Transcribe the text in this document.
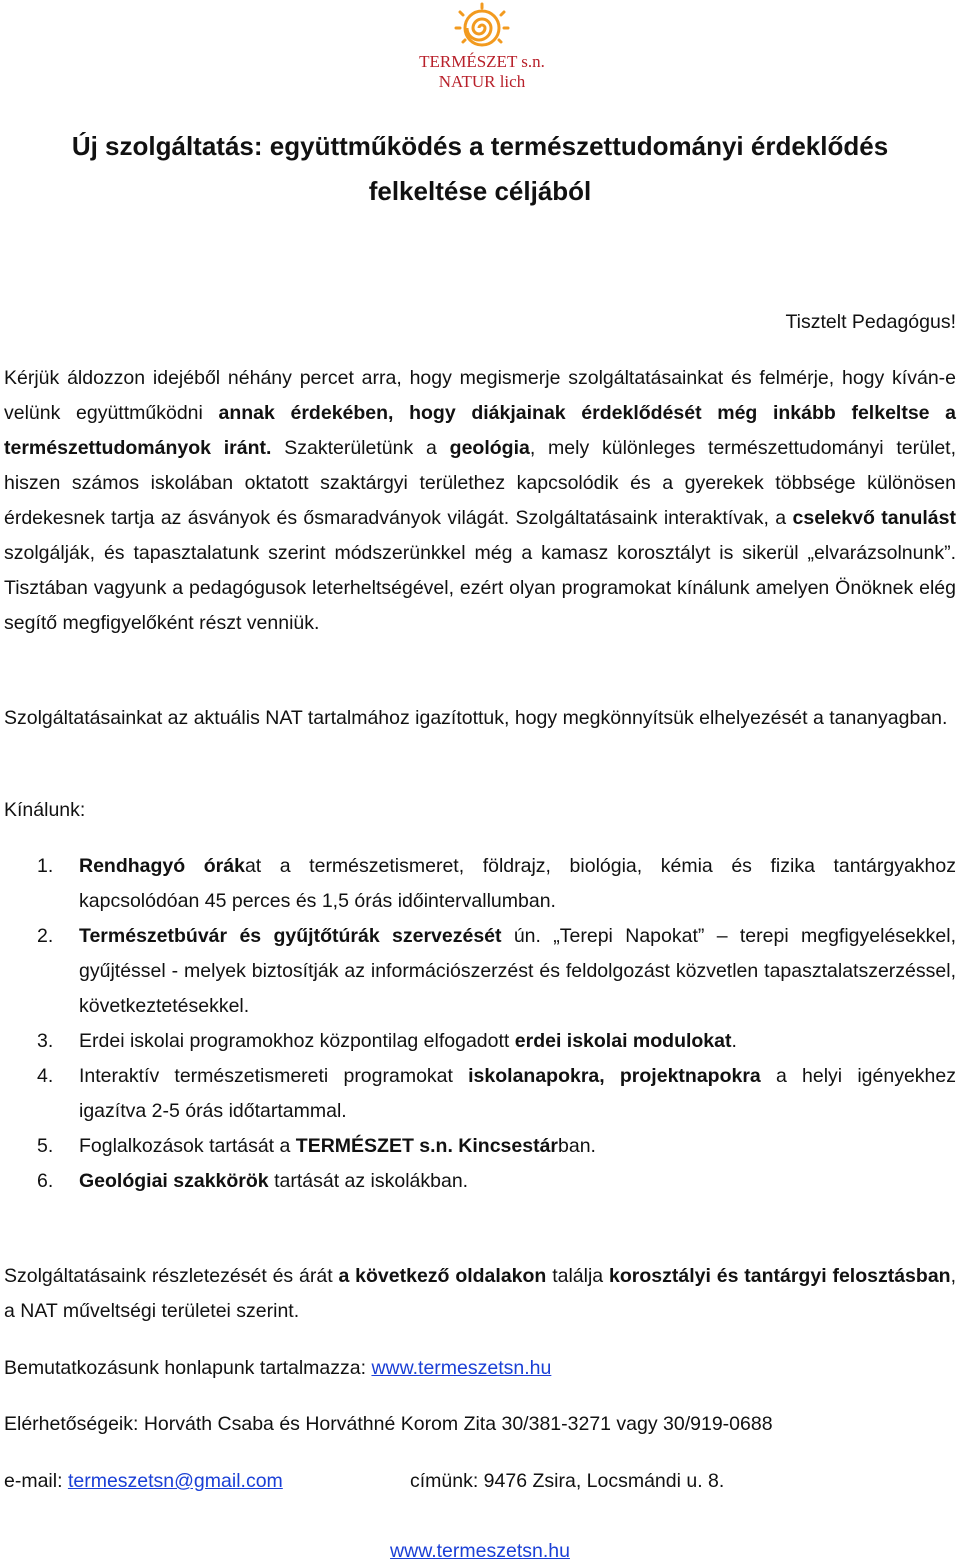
TERMÉSZET s.n.
NATUR lich
Új szolgáltatás: együttműködés a természettudományi érdeklődés
felkeltése céljából

Tisztelt Pedagógus!

Kérjük áldozzon idejéből néhány percet arra, hogy megismerje szolgáltatásainkat és felmérje, hogy kíván-e velünk együttműködni annak érdekében, hogy diákjainak érdeklődését még inkább felkeltse a természettudományok iránt. Szakterületünk a geológia, mely különleges természettudományi terület, hiszen számos iskolában oktatott szaktárgyi területhez kapcsolódik és a gyerekek többsége különösen érdekesnek tartja az ásványok és ősmaradványok világát. Szolgáltatásaink interaktívak, a cselekvő tanulást szolgálják, és tapasztalatunk szerint módszerünkkel még a kamasz korosztályt is sikerül „elvarázsolnunk”. Tisztában vagyunk a pedagógusok leterheltségével, ezért olyan programokat kínálunk amelyen Önöknek elég segítő megfigyelőként részt venniük.

Szolgáltatásainkat az aktuális NAT tartalmához igazítottuk, hogy megkönnyítsük elhelyezését a tananyagban.

Kínálunk:

1. Rendhagyó órákat a természetismeret, földrajz, biológia, kémia és fizika tantárgyakhoz kapcsolódóan 45 perces és 1,5 órás időintervallumban.
2. Természetbúvár és gyűjtőtúrák szervezését ún. „Terepi Napokat” – terepi megfigyelésekkel, gyűjtéssel - melyek biztosítják az információszerzést és feldolgozást közvetlen tapasztalatszerzéssel, következtetésekkel.
3. Erdei iskolai programokhoz központilag elfogadott erdei iskolai modulokat.
4. Interaktív természetismereti programokat iskolanapokra, projektnapokra a helyi igényekhez igazítva 2-5 órás időtartammal.
5. Foglalkozások tartását a TERMÉSZET s.n. Kincsestárban.
6. Geológiai szakkörök tartását az iskolákban.

Szolgáltatásaink részletezését és árát a következő oldalakon találja korosztályi és tantárgyi felosztásban, a NAT műveltségi területei szerint.

Bemutatkozásunk honlapunk tartalmazza: www.termeszetsn.hu
Elérhetőségeik: Horváth Csaba és Horváthné Korom Zita 30/381-3271 vagy 30/919-0688
e-mail: termeszetsn@gmail.com	címünk: 9476 Zsira, Locsmándi u. 8.
www.termeszetsn.hu
